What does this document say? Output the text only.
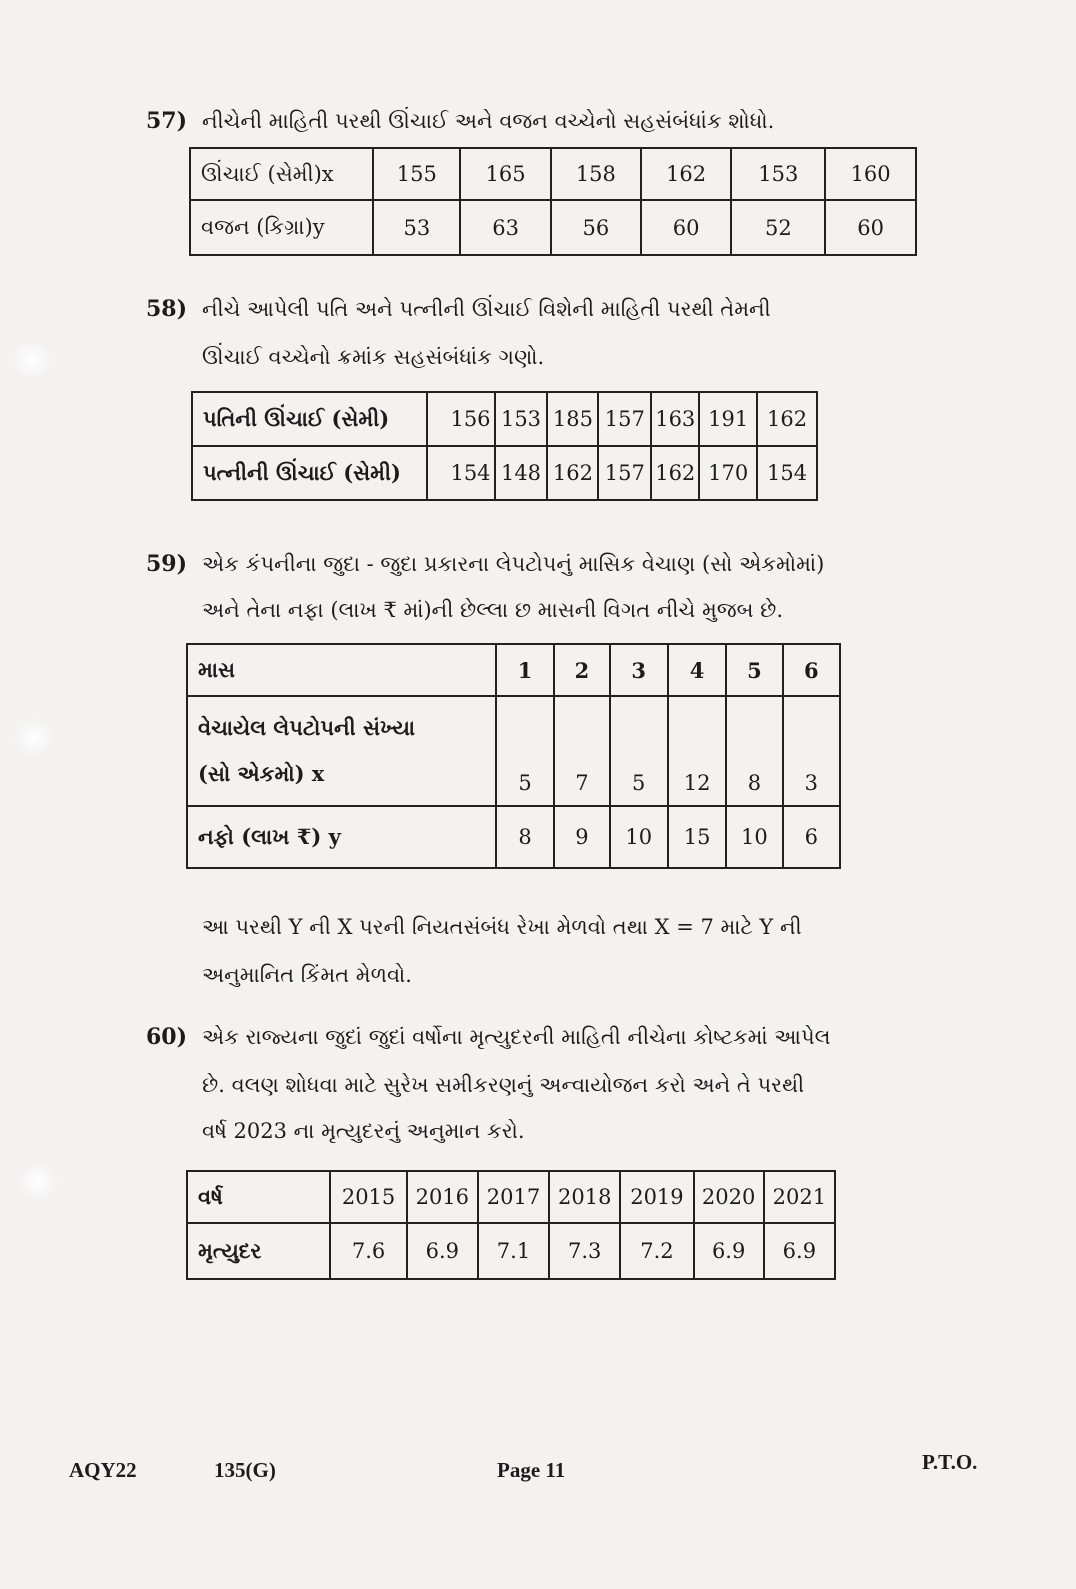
57) નીચેની માહિતી પરથી ઊંચાઈ અને વજન વચ્ચેનો સહસંબંધાંક શોધો.
ઊંચાઈ (સેમી)x	155	165	158	162	153	160
વજન (કિગ્રા)y	53	63	56	60	52	60
58) નીચે આપેલી પતિ અને પત્નીની ઊંચાઈ વિશેની માહિતી પરથી તેમની
ઊંચાઈ વચ્ચેનો ક્રમાંક સહસંબંધાંક ગણો.
પતિની ઊંચાઈ (સેમી)	156	153	185	157	163	191	162
પત્નીની ઊંચાઈ (સેમી)	154	148	162	157	162	170	154
59) એક કંપનીના જુદા - જુદા પ્રકારના લેપટોપનું માસિક વેચાણ (સો એકમોમાં)
અને તેના નફા (લાખ ₹ માં)ની છેલ્લા છ માસની વિગત નીચે મુજબ છે.
માસ	1	2	3	4	5	6

વેચાયેલ લેપટોપની સંખ્યા
(સો એકમો) x	5	7	5	12	8	3
નફો (લાખ ₹) y	8	9	10	15	10	6
આ પરથી Y ની X પરની નિયતસંબંધ રેખા મેળવો તથા X = 7 માટે Y ની
અનુમાનિત કિંમત મેળવો.
60) એક રાજ્યના જુદાં જુદાં વર્ષોના મૃત્યુદરની માહિતી નીચેના કોષ્ટકમાં આપેલ
છે. વલણ શોધવા માટે સુરેખ સમીકરણનું અન્વાયોજન કરો અને તે પરથી
વર્ષ 2023 ના મૃત્યુદરનું અનુમાન કરો.
વર્ષ	2015	2016	2017	2018	2019	2020	2021
મૃત્યુદર	7.6	6.9	7.1	7.3	7.2	6.9	6.9
AQY22	135(G)	Page 11	P.T.O.
